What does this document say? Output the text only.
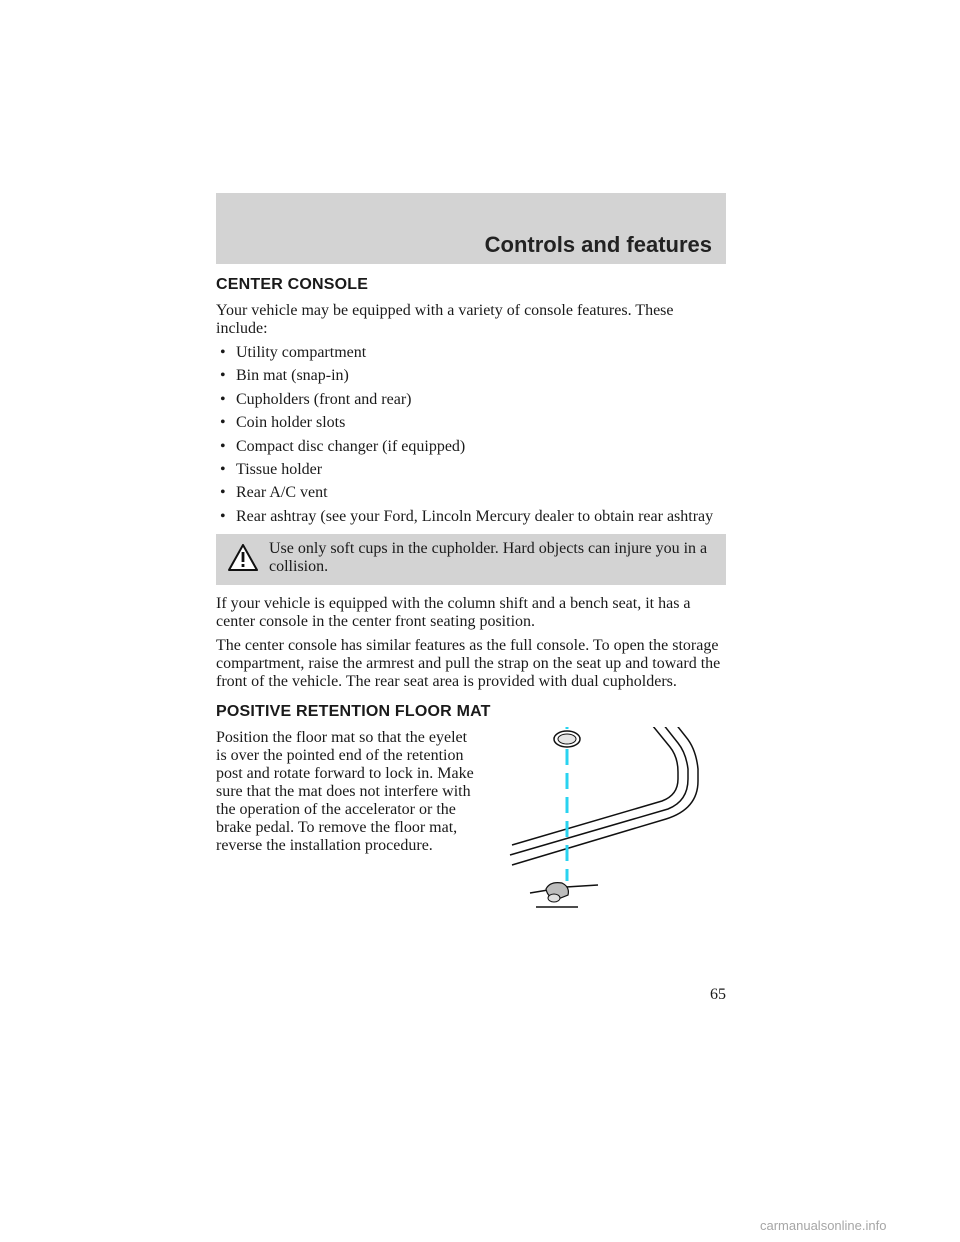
Controls and features
CENTER CONSOLE

Your vehicle may be equipped with a variety of console features. These include:

• Utility compartment
• Bin mat (snap-in)
• Cupholders (front and rear)
• Coin holder slots
• Compact disc changer (if equipped)
• Tissue holder
• Rear A/C vent
• Rear ashtray (see your Ford, Lincoln Mercury dealer to obtain rear ashtray
Use only soft cups in the cupholder. Hard objects can injure you in a collision.

If your vehicle is equipped with the column shift and a bench seat, it has a center console in the center front seating position.

The center console has similar features as the full console. To open the storage compartment, raise the armrest and pull the strap on the seat up and toward the front of the vehicle. The rear seat area is provided with dual cupholders.

POSITIVE RETENTION FLOOR MAT

Position the floor mat so that the eyelet is over the pointed end of the retention post and rotate forward to lock in. Make sure that the mat does not interfere with the operation of the accelerator or the brake pedal. To remove the floor mat, reverse the installation procedure.

65
carmanualsonline.info
